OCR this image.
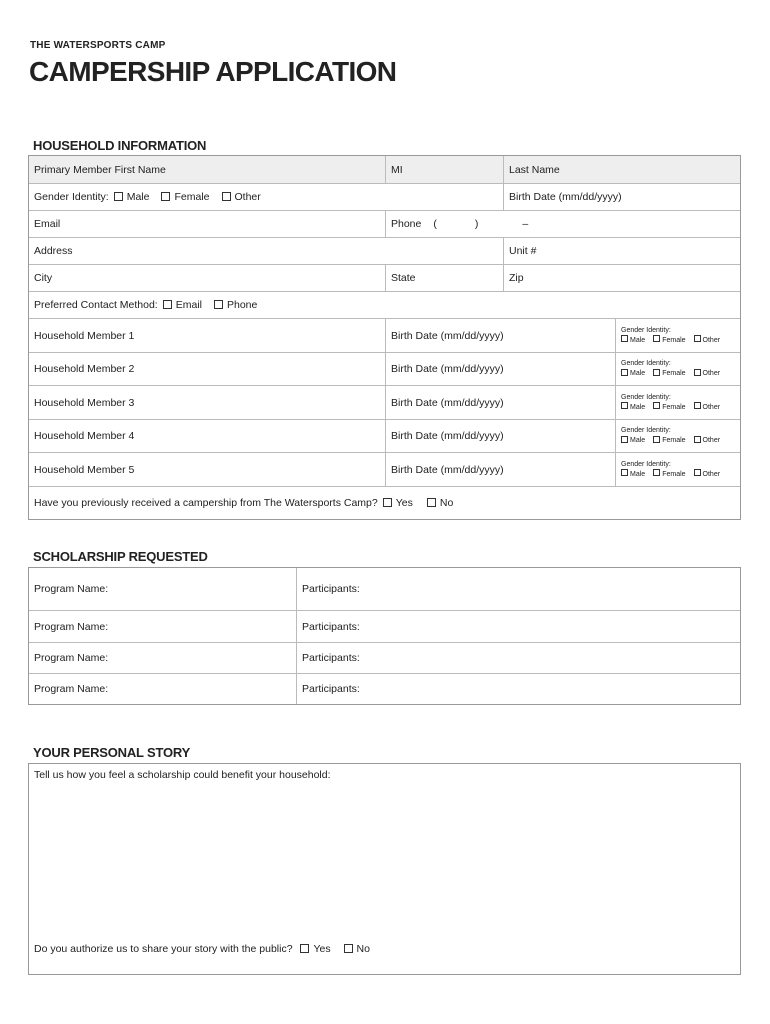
THE WATERSPORTS CAMP
CAMPERSHIP APPLICATION
HOUSEHOLD INFORMATION
Primary Member First Name	MI	Last Name
Gender Identity: Male Female Other	Birth Date (mm/dd/yyyy)
Email	Phone (	)	–
Address	Unit #
City	State	Zip
Preferred Contact Method: Email Phone
Household Member 1	Birth Date (mm/dd/yyyy)	Gender Identity:
Male Female Other
Household Member 2	Birth Date (mm/dd/yyyy)	Gender Identity:
Male Female Other
Household Member 3	Birth Date (mm/dd/yyyy)	Gender Identity:
Male Female Other
Household Member 4	Birth Date (mm/dd/yyyy)	Gender Identity:
Male Female Other
Household Member 5	Birth Date (mm/dd/yyyy)	Gender Identity:
Male Female Other
Have you previously received a campership from The Watersports Camp? Yes	No
SCHOLARSHIP REQUESTED
Program Name:	Participants:
Program Name:	Participants:
Program Name:	Participants:
Program Name:	Participants:
YOUR PERSONAL STORY
Tell us how you feel a scholarship could benefit your household:
Do you authorize us to share your story with the public? Yes No
